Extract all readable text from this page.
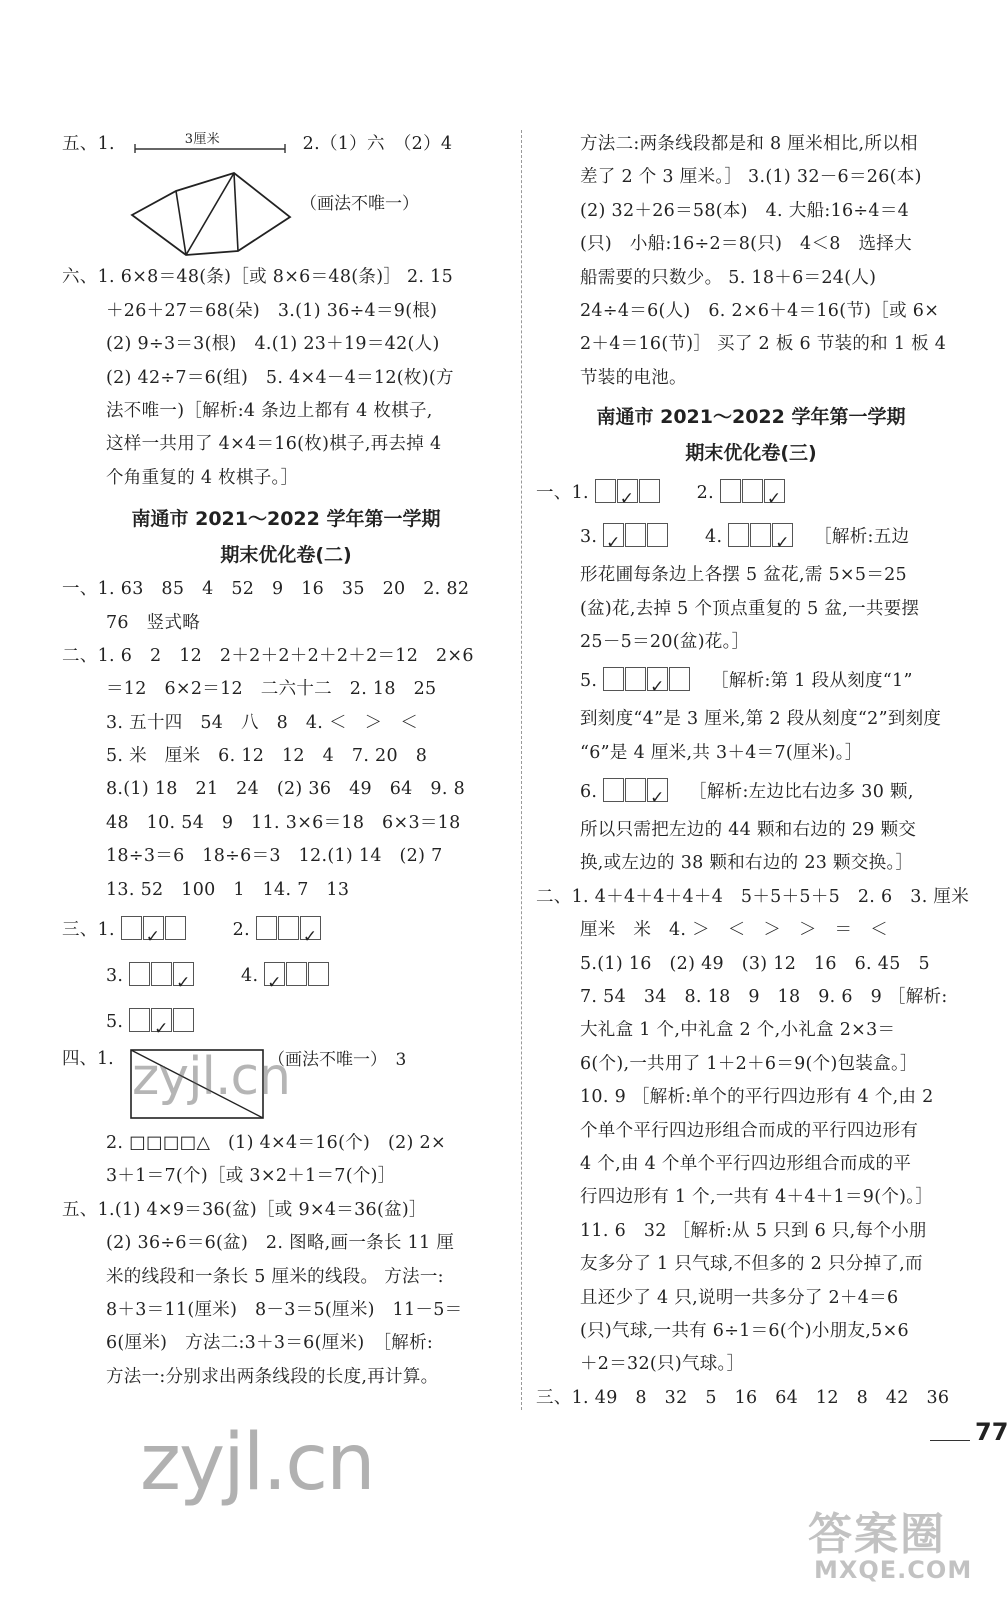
五、1.	3厘米	2.（1）六　（2）4
（画法不唯一）
六、1. 6×8＝48(条)［或 8×6＝48(条)］ 2. 15
＋26＋27＝68(朵)　3.(1) 36÷4＝9(根)
(2) 9÷3＝3(根)　4.(1) 23＋19＝42(人)
(2) 42÷7＝6(组)　5. 4×4－4＝12(枚)(方
法不唯一)［解析:4 条边上都有 4 枚棋子,
这样一共用了 4×4＝16(枚)棋子,再去掉 4
个角重复的 4 枚棋子。］
南通市 2021～2022 学年第一学期
期末优化卷(二)
一、1. 63　85　4　52　9　16　35　20　2. 82
76　竖式略
二、1. 6　2　12　2＋2＋2＋2＋2＋2＝12　2×6
＝12　6×2＝12　二六十二　2. 18　25
3. 五十四　54　八　8　4. ＜　＞　＜
5. 米　厘米　6. 12　12　4　7. 20　8
8.(1) 18　21　24　(2) 36　49　64　9. 8
48　10. 54　9　11. 3×6＝18　6×3＝18
18÷3＝6　18÷6＝3　12.(1) 14　(2) 7
13. 52　100　1　14. 7　13
三、1. ✓	2. ✓
3. ✓	4. ✓
5. ✓
四、1.	（画法不唯一）　3
zyjl.cn
2. □□□□△　(1) 4×4＝16(个)　(2) 2×
3＋1＝7(个)［或 3×2＋1＝7(个)］
五、1.(1) 4×9＝36(盆)［或 9×4＝36(盆)］
(2) 36÷6＝6(盆)　2. 图略,画一条长 11 厘
米的线段和一条长 5 厘米的线段。 方法一:
8＋3＝11(厘米)　8－3＝5(厘米)　11－5＝
6(厘米)　方法二:3＋3＝6(厘米)　［解析:
方法一:分别求出两条线段的长度,再计算。
方法二:两条线段都是和 8 厘米相比,所以相
差了 2 个 3 厘米。］ 3.(1) 32－6＝26(本)
(2) 32＋26＝58(本)　4. 大船:16÷4＝4
(只)　小船:16÷2＝8(只)　4＜8　选择大
船需要的只数少。 5. 18＋6＝24(人)
24÷4＝6(人)　6. 2×6＋4＝16(节)［或 6×
2＋4＝16(节)］ 买了 2 板 6 节装的和 1 板 4
节装的电池。
南通市 2021～2022 学年第一学期
期末优化卷(三)
一、1. ✓	2. ✓
3. ✓	4. ✓	［解析:五边
形花圃每条边上各摆 5 盆花,需 5×5＝25
(盆)花,去掉 5 个顶点重复的 5 盆,一共要摆
25－5＝20(盆)花。］
5. ✓	［解析:第 1 段从刻度“1”
到刻度“4”是 3 厘米,第 2 段从刻度“2”到刻度
“6”是 4 厘米,共 3＋4＝7(厘米)。］
6. ✓	［解析:左边比右边多 30 颗,
所以只需把左边的 44 颗和右边的 29 颗交
换,或左边的 38 颗和右边的 23 颗交换。］
二、1. 4＋4＋4＋4＋4　5＋5＋5＋5　2. 6　3. 厘米
厘米　米　4. ＞　＜　＞　＞　＝　＜
5.(1) 16　(2) 49　(3) 12　16　6. 45　5
7. 54　34　8. 18　9　18　9. 6　9 ［解析:
大礼盒 1 个,中礼盒 2 个,小礼盒 2×3＝
6(个),一共用了 1＋2＋6＝9(个)包装盒。］
10. 9 ［解析:单个的平行四边形有 4 个,由 2
个单个平行四边形组合而成的平行四边形有
4 个,由 4 个单个平行四边形组合而成的平
行四边形有 1 个,一共有 4＋4＋1＝9(个)。］
11. 6　32 ［解析:从 5 只到 6 只,每个小朋
友多分了 1 只气球,不但多的 2 只分掉了,而
且还少了 4 只,说明一共多分了 2＋4＝6
(只)气球,一共有 6÷1＝6(个)小朋友,5×6
＋2＝32(只)气球。］
三、1. 49　8　32　5　16　64　12　8　42　36
77
zyjl.cn
答案圈
MXQE.COM
